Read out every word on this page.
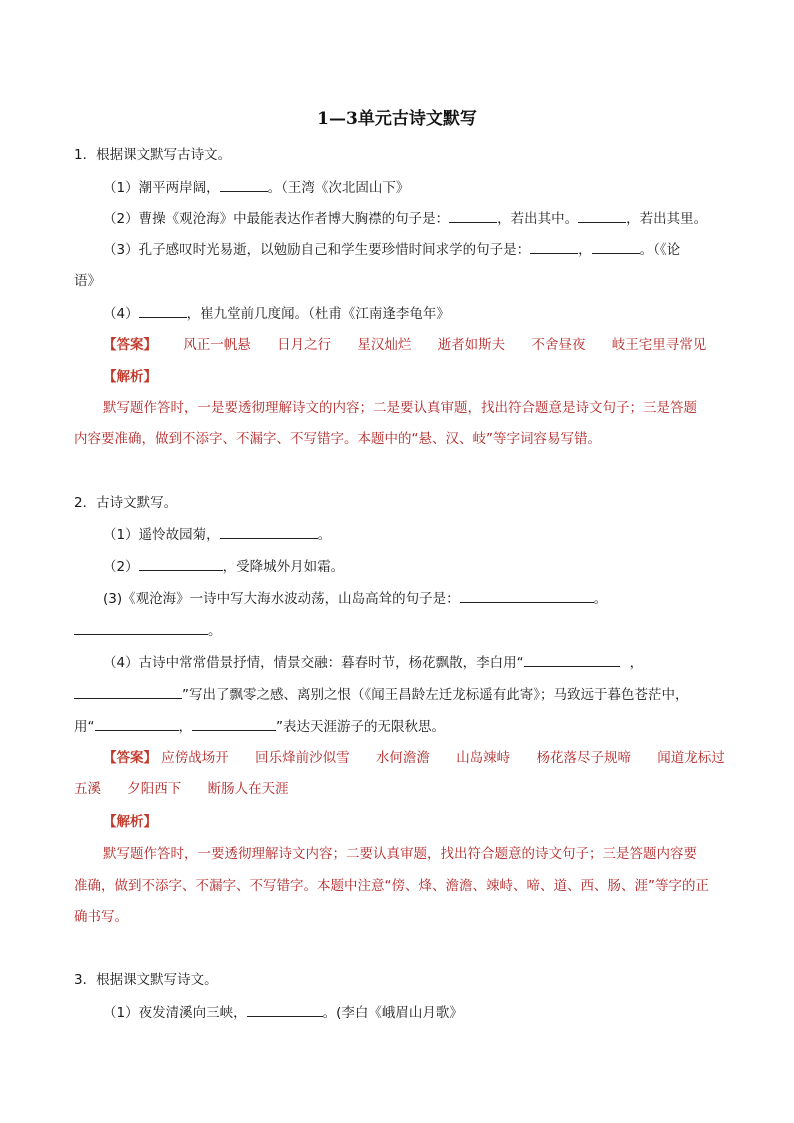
1—3单元古诗文默写
1．根据课文默写古诗文。
（1）潮平两岸阔，	。（王湾《次北固山下》
（2）曹操《观沧海》中最能表达作者博大胸襟的句子是：	，若出其中。	，若出其里。
（3）孔子感叹时光易逝，以勉励自己和学生要珍惜时间求学的句子是：	，	。（《论
语》
（4）	，崔九堂前几度闻。（杜甫《江南逢李龟年》
【答案】 风正一帆悬 日月之行 星汉灿烂 逝者如斯夫 不舍昼夜 岐王宅里寻常见
【解析】
默写题作答时，一是要透彻理解诗文的内容；二是要认真审题，找出符合题意是诗文句子；三是答题
内容要准确，做到不添字、不漏字、不写错字。本题中的“悬、汉、岐”等字词容易写错。
2．古诗文默写。
（1）遥怜故园菊，	。
（2）	，受降城外月如霜。
(3)《观沧海》一诗中写大海水波动荡，山岛高耸的句子是：	。
。
（4）古诗中常常借景抒情，情景交融：暮春时节，杨花飘散，李白用“	，
”写出了飘零之感、离别之恨（《闻王昌龄左迁龙标遥有此寄》；马致远于暮色苍茫中，
用“	，	”表达天涯游子的无限秋思。
【答案】 应傍战场开 回乐烽前沙似雪 水何澹澹 山岛竦峙 杨花落尽子规啼 闻道龙标过
五溪 夕阳西下 断肠人在天涯
【解析】
默写题作答时，一要透彻理解诗文内容；二要认真审题，找出符合题意的诗文句子；三是答题内容要
准确，做到不添字、不漏字、不写错字。本题中注意“傍、烽、澹澹、竦峙、啼、道、西、肠、涯”等字的正
确书写。
3．根据课文默写诗文。
（1）夜发清溪向三峡，	。(李白《峨眉山月歌》
